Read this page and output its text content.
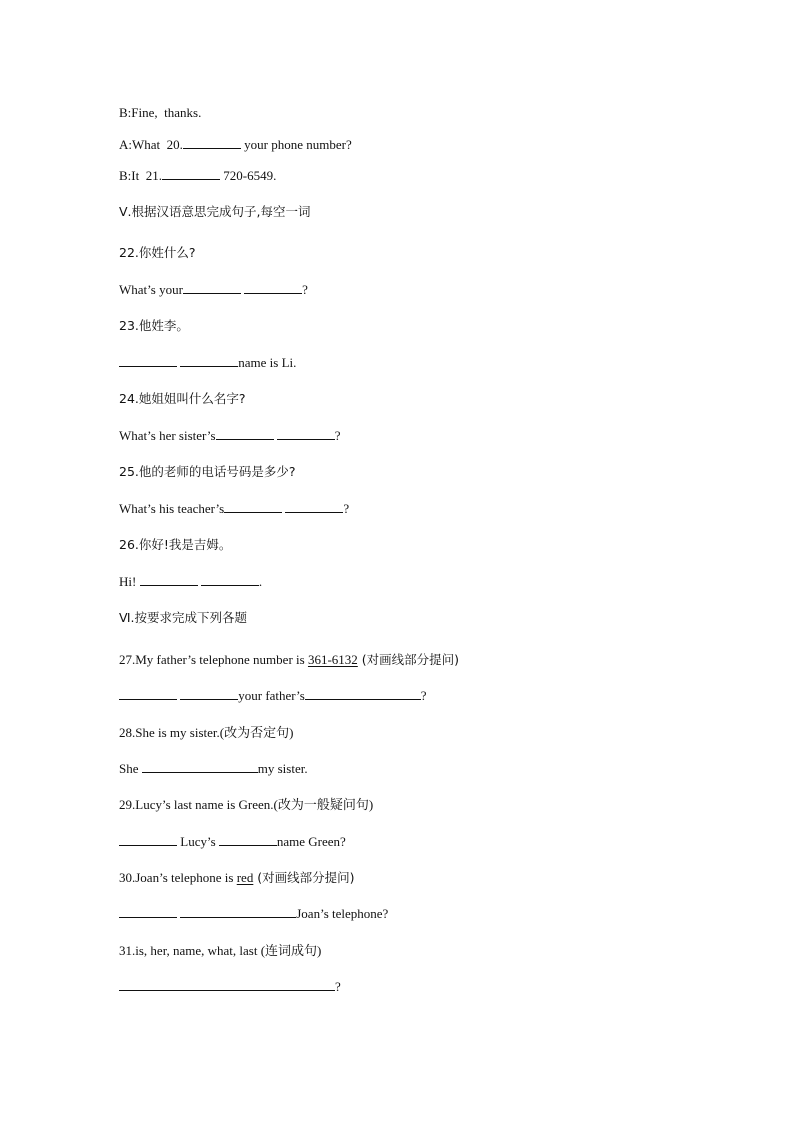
B:Fine,  thanks.

A:What  20.	your phone number?

B:It  21.	720-6549.

Ⅴ.根据汉语意思完成句子,每空一词

22.你姓什么?

What’s your	?

23.他姓李。

name is Li.

24.她姐姐叫什么名字?

What’s her sister’s	?

25.他的老师的电话号码是多少?

What’s his teacher’s	?

26.你好!我是吉姆。

Hi!	.

Ⅵ.按要求完成下列各题

27.My father’s telephone number is 361-6132 (对画线部分提问)

your father’s	?

28.She is my sister.(改为否定句)

She	my sister.

29.Lucy’s last name is Green.(改为一般疑问句)

Lucy’s	name Green?

30.Joan’s telephone is red (对画线部分提问)

Joan’s telephone?

31.is, her, name, what, last (连词成句)

?
